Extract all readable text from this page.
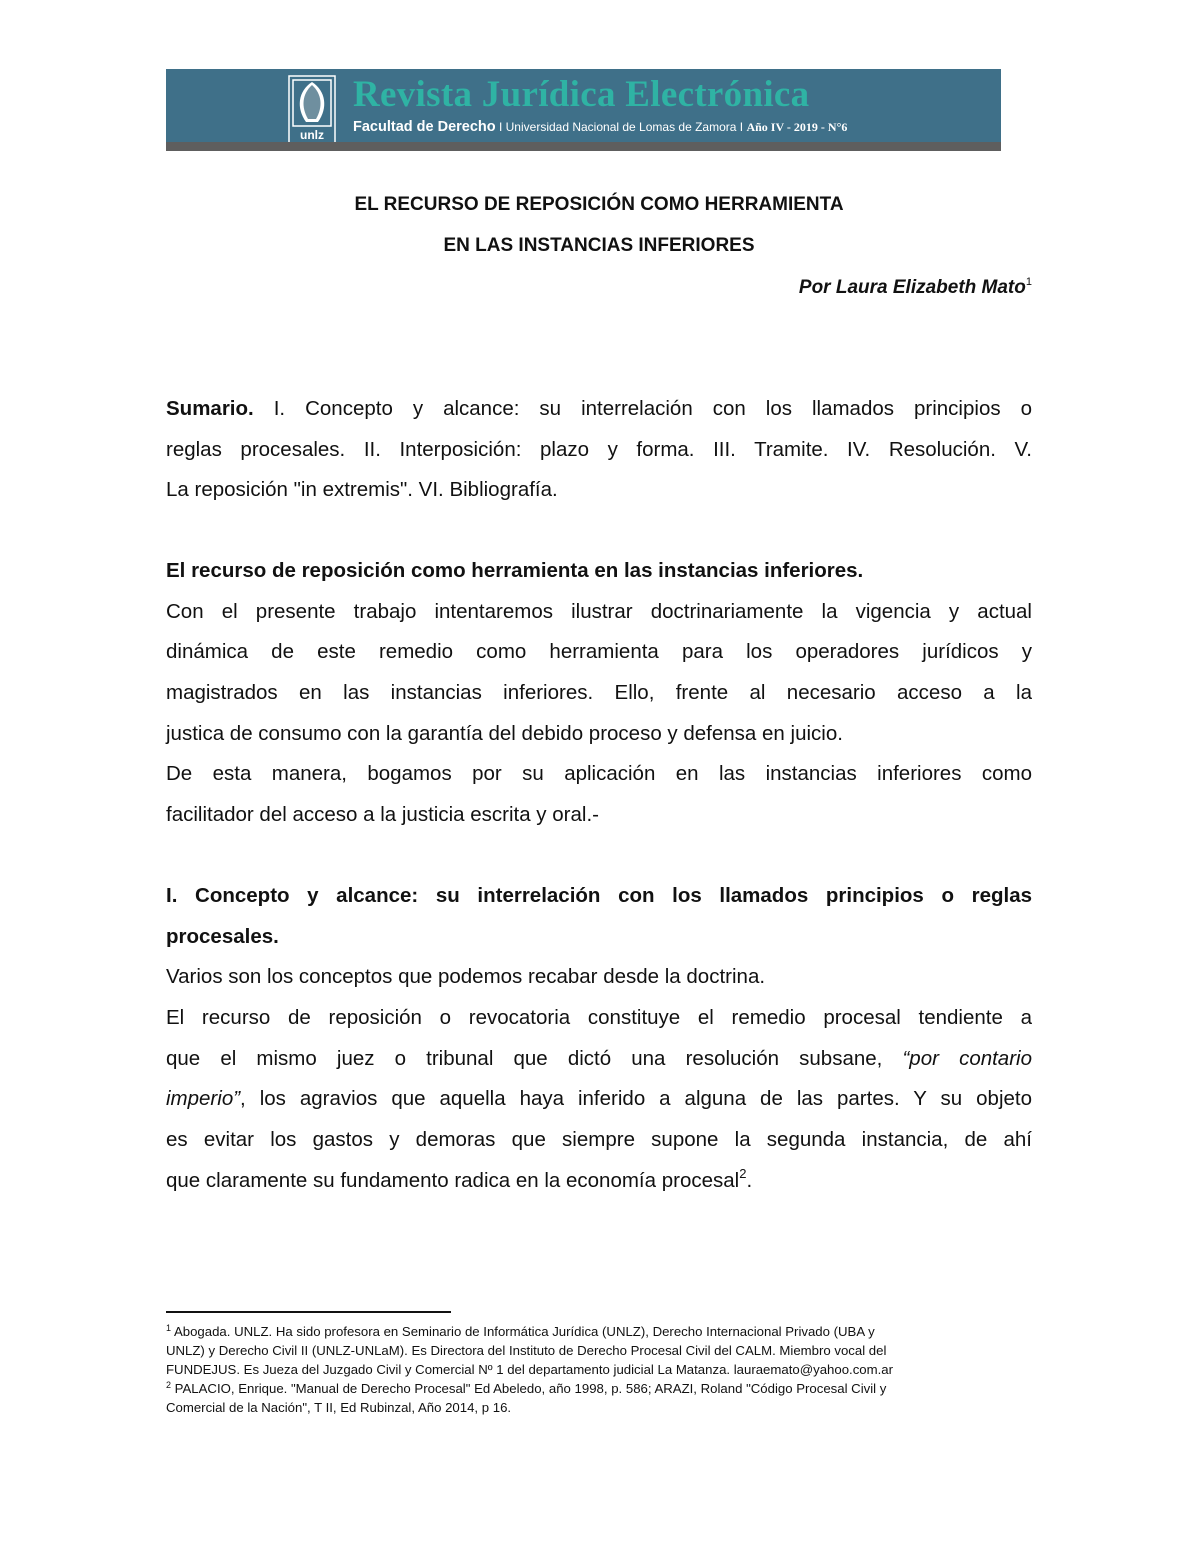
unlz
Revista Jurídica Electrónica
Facultad de Derecho I Universidad Nacional de Lomas de Zamora I Año IV - 2019 - N°6
EL RECURSO DE REPOSICIÓN COMO HERRAMIENTA
EN LAS INSTANCIAS INFERIORES
Por Laura Elizabeth Mato$^1$
Sumario. I. Concepto y alcance: su interrelación con los llamados principios o
reglas procesales. II. Interposición: plazo y forma. III. Tramite. IV. Resolución. V.
La reposición "in extremis". VI. Bibliografía.
El recurso de reposición como herramienta en las instancias inferiores.
Con el presente trabajo intentaremos ilustrar doctrinariamente la vigencia y actual
dinámica de este remedio como herramienta para los operadores jurídicos y
magistrados en las instancias inferiores. Ello, frente al necesario acceso a la
justica de consumo con la garantía del debido proceso y defensa en juicio.
De esta manera, bogamos por su aplicación en las instancias inferiores como
facilitador del acceso a la justicia escrita y oral.-
I. Concepto y alcance: su interrelación con los llamados principios o reglas
procesales.
Varios son los conceptos que podemos recabar desde la doctrina.
El recurso de reposición o revocatoria constituye el remedio procesal tendiente a
que el mismo juez o tribunal que dictó una resolución subsane, “por contario
imperio”, los agravios que aquella haya inferido a alguna de las partes. Y su objeto
es evitar los gastos y demoras que siempre supone la segunda instancia, de ahí
que claramente su fundamento radica en la economía procesal$^2$.
$^1$ Abogada. UNLZ. Ha sido profesora en Seminario de Informática Jurídica (UNLZ), Derecho Internacional Privado (UBA y
UNLZ) y Derecho Civil II (UNLZ-UNLaM). Es Directora del Instituto de Derecho Procesal Civil del CALM. Miembro vocal del
FUNDEJUS. Es Jueza del Juzgado Civil y Comercial Nº 1 del departamento judicial La Matanza. lauraemato@yahoo.com.ar
$^2$ PALACIO, Enrique. "Manual de Derecho Procesal" Ed Abeledo, año 1998, p. 586; ARAZI, Roland "Código Procesal Civil y
Comercial de la Nación", T II, Ed Rubinzal, Año 2014, p 16.
